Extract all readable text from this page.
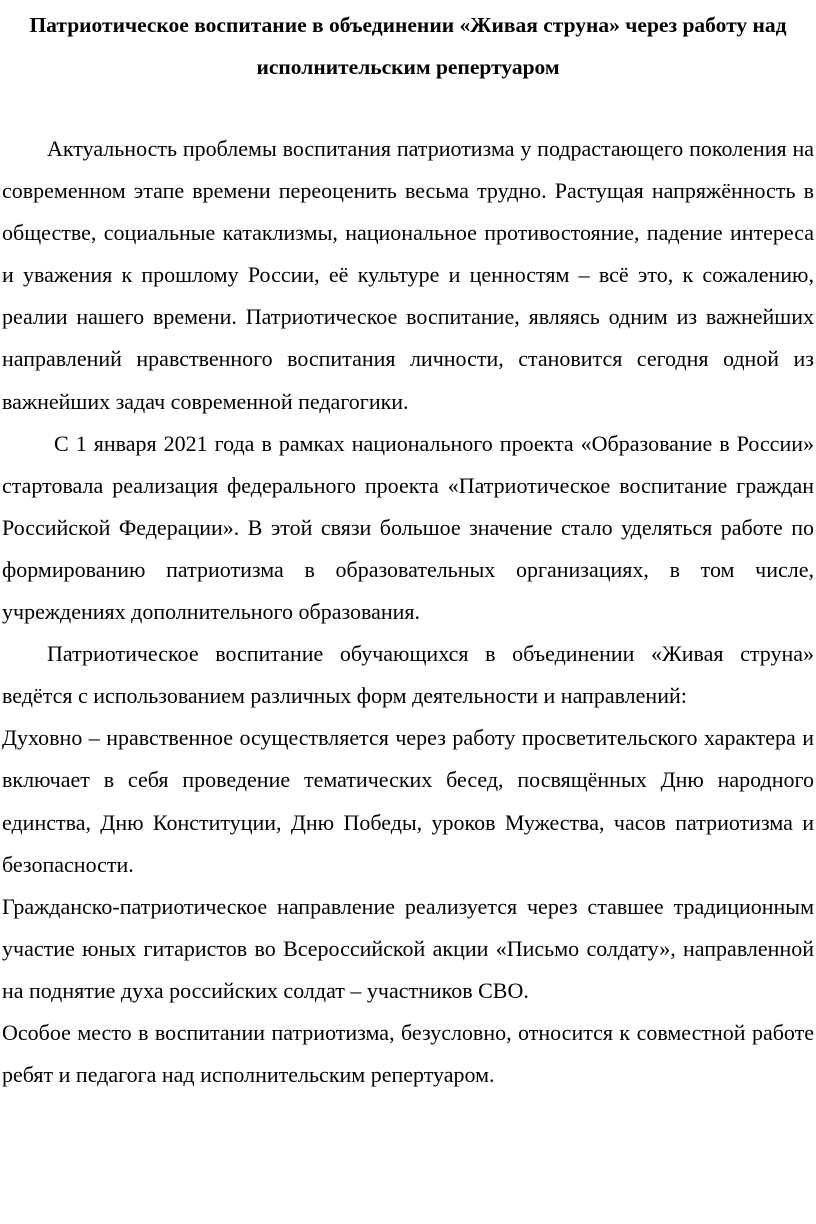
Патриотическое воспитание в объединении «Живая струна» через работу над исполнительским репертуаром

Актуальность проблемы воспитания патриотизма у подрастающего поколения на современном этапе времени переоценить весьма трудно. Растущая напряжённость в обществе, социальные катаклизмы, национальное противостояние, падение интереса и уважения к прошлому России, её культуре и ценностям – всё это, к сожалению, реалии нашего времени. Патриотическое воспитание, являясь одним из важнейших направлений нравственного воспитания личности, становится сегодня одной из важнейших задач современной педагогики.

С 1 января 2021 года в рамках национального проекта «Образование в России» стартовала реализация федерального проекта «Патриотическое воспитание граждан Российской Федерации». В этой связи большое значение стало уделяться работе по формированию патриотизма в образовательных организациях, в том числе, учреждениях дополнительного образования.

Патриотическое воспитание обучающихся в объединении «Живая струна» ведётся с использованием различных форм деятельности и направлений:

Духовно – нравственное осуществляется через работу просветительского характера и включает в себя проведение тематических бесед, посвящённых Дню народного единства, Дню Конституции, Дню Победы, уроков Мужества, часов патриотизма и безопасности.

Гражданско-патриотическое направление реализуется через ставшее традиционным участие юных гитаристов во Всероссийской акции «Письмо солдату», направленной на поднятие духа российских солдат – участников СВО.

Особое место в воспитании патриотизма, безусловно, относится к совместной работе ребят и педагога над исполнительским репертуаром.
